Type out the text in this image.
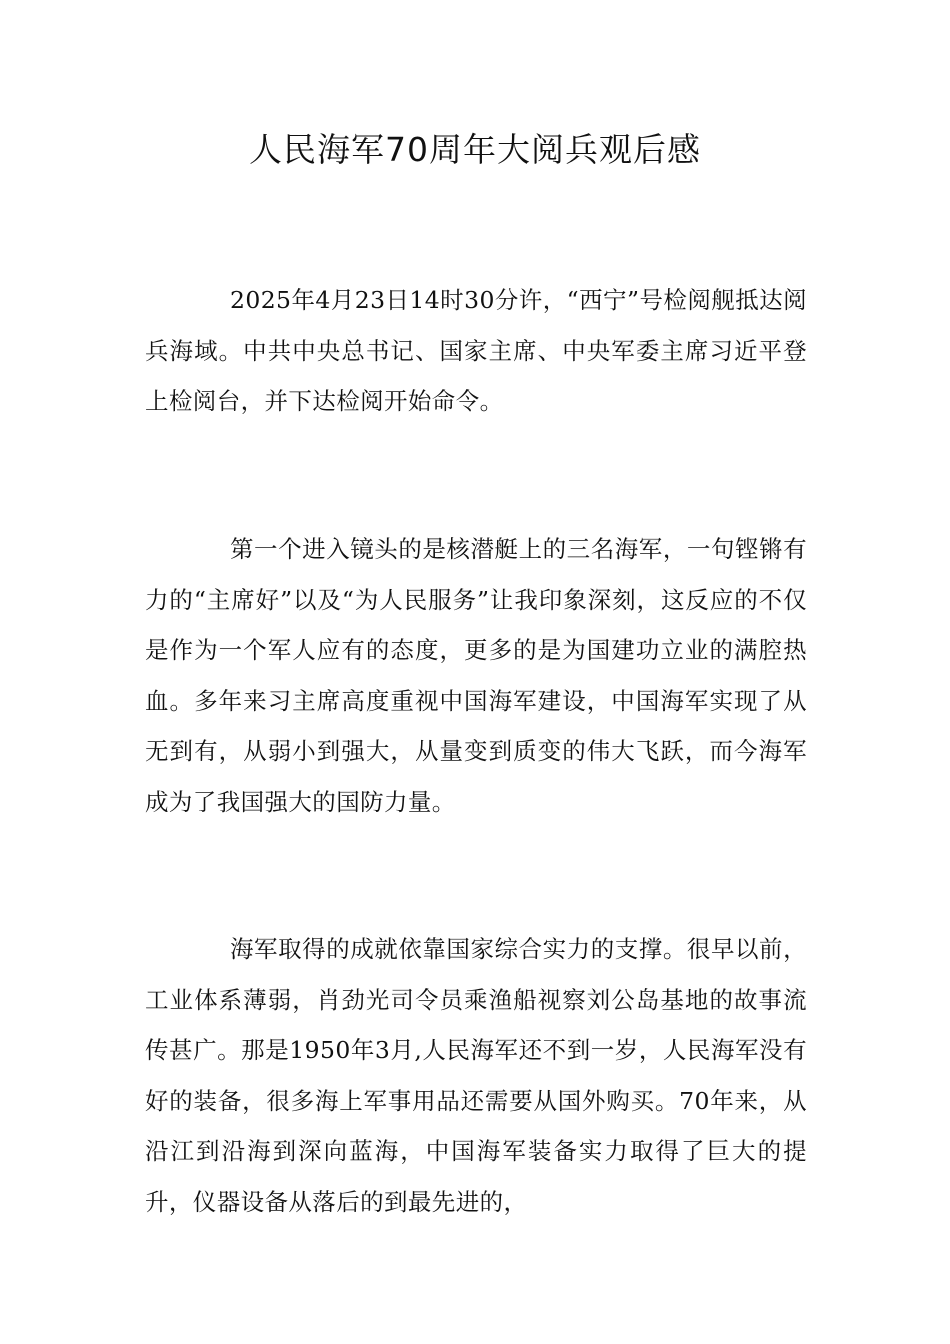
人民海军70周年大阅兵观后感

2025年4月23日14时30分许，“西宁”号检阅舰抵达阅兵海域。中共中央总书记、国家主席、中央军委主席习近平登上检阅台，并下达检阅开始命令。

第一个进入镜头的是核潜艇上的三名海军，一句铿锵有力的“主席好”以及“为人民服务”让我印象深刻，这反应的不仅是作为一个军人应有的态度，更多的是为国建功立业的满腔热血。多年来习主席高度重视中国海军建设，中国海军实现了从无到有，从弱小到强大，从量变到质变的伟大飞跃，而今海军成为了我国强大的国防力量。

海军取得的成就依靠国家综合实力的支撑。很早以前，工业体系薄弱，肖劲光司令员乘渔船视察刘公岛基地的故事流传甚广。那是1950年3月,人民海军还不到一岁，人民海军没有好的装备，很多海上军事用品还需要从国外购买。70年来，从沿江到沿海到深向蓝海，中国海军装备实力取得了巨大的提升，仪器设备从落后的到最先进的，
